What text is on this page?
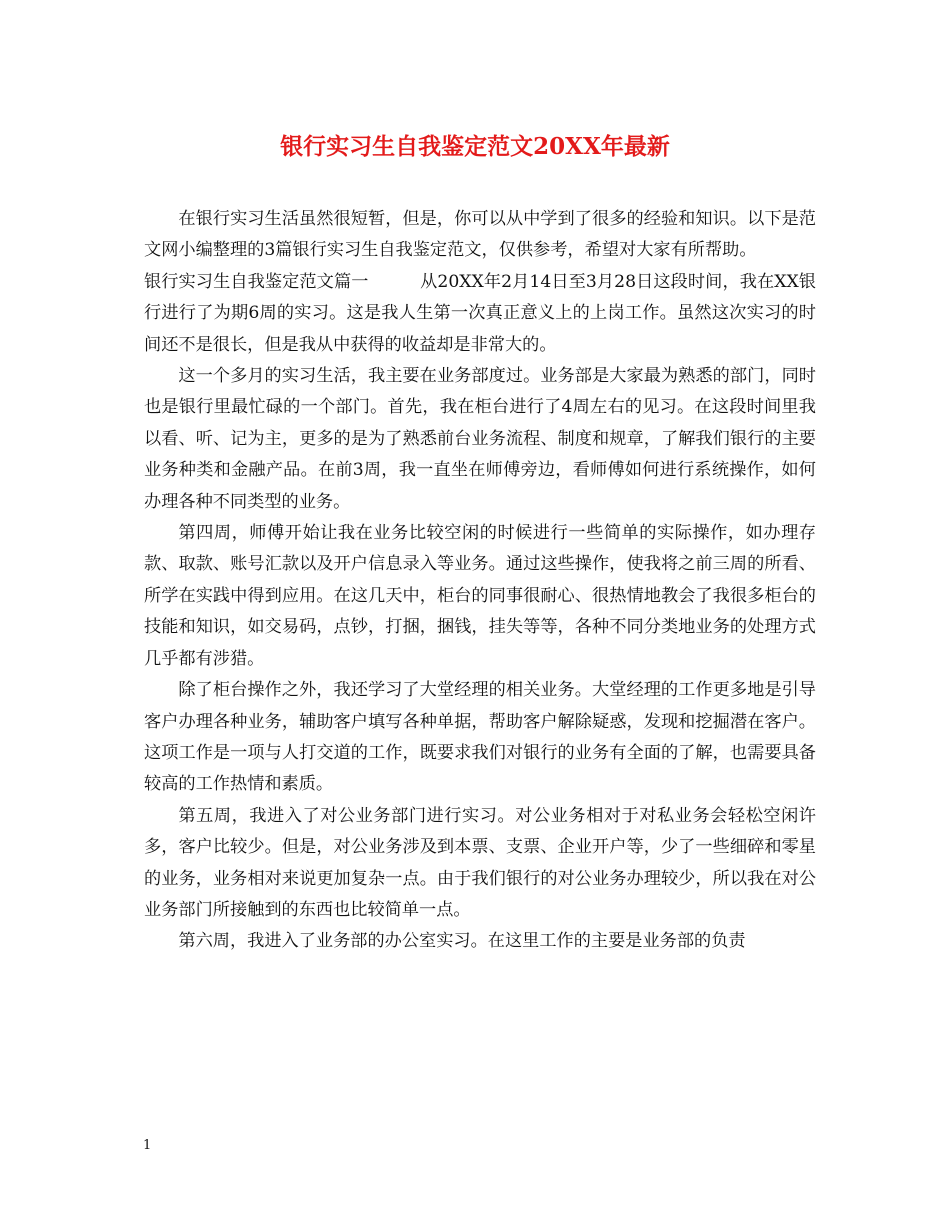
银行实习生自我鉴定范文20XX年最新

在银行实习生活虽然很短暂，但是，你可以从中学到了很多的经验和知识。以下是范文网小编整理的3篇银行实习生自我鉴定范文，仅供参考，希望对大家有所帮助。

银行实习生自我鉴定范文篇一	从20XX年2月14日至3月28日这段时间，我在XX银行进行了为期6周的实习。这是我人生第一次真正意义上的上岗工作。虽然这次实习的时间还不是很长，但是我从中获得的收益却是非常大的。

这一个多月的实习生活，我主要在业务部度过。业务部是大家最为熟悉的部门，同时也是银行里最忙碌的一个部门。首先，我在柜台进行了4周左右的见习。在这段时间里我以看、听、记为主，更多的是为了熟悉前台业务流程、制度和规章，了解我们银行的主要业务种类和金融产品。在前3周，我一直坐在师傅旁边，看师傅如何进行系统操作，如何办理各种不同类型的业务。

第四周，师傅开始让我在业务比较空闲的时候进行一些简单的实际操作，如办理存款、取款、账号汇款以及开户信息录入等业务。通过这些操作，使我将之前三周的所看、所学在实践中得到应用。在这几天中，柜台的同事很耐心、很热情地教会了我很多柜台的技能和知识，如交易码，点钞，打捆，捆钱，挂失等等，各种不同分类地业务的处理方式几乎都有涉猎。

除了柜台操作之外，我还学习了大堂经理的相关业务。大堂经理的工作更多地是引导客户办理各种业务，辅助客户填写各种单据，帮助客户解除疑惑，发现和挖掘潜在客户。这项工作是一项与人打交道的工作，既要求我们对银行的业务有全面的了解，也需要具备较高的工作热情和素质。

第五周，我进入了对公业务部门进行实习。对公业务相对于对私业务会轻松空闲许多，客户比较少。但是，对公业务涉及到本票、支票、企业开户等，少了一些细碎和零星的业务，业务相对来说更加复杂一点。由于我们银行的对公业务办理较少，所以我在对公业务部门所接触到的东西也比较简单一点。

第六周，我进入了业务部的办公室实习。在这里工作的主要是业务部的负责

1
